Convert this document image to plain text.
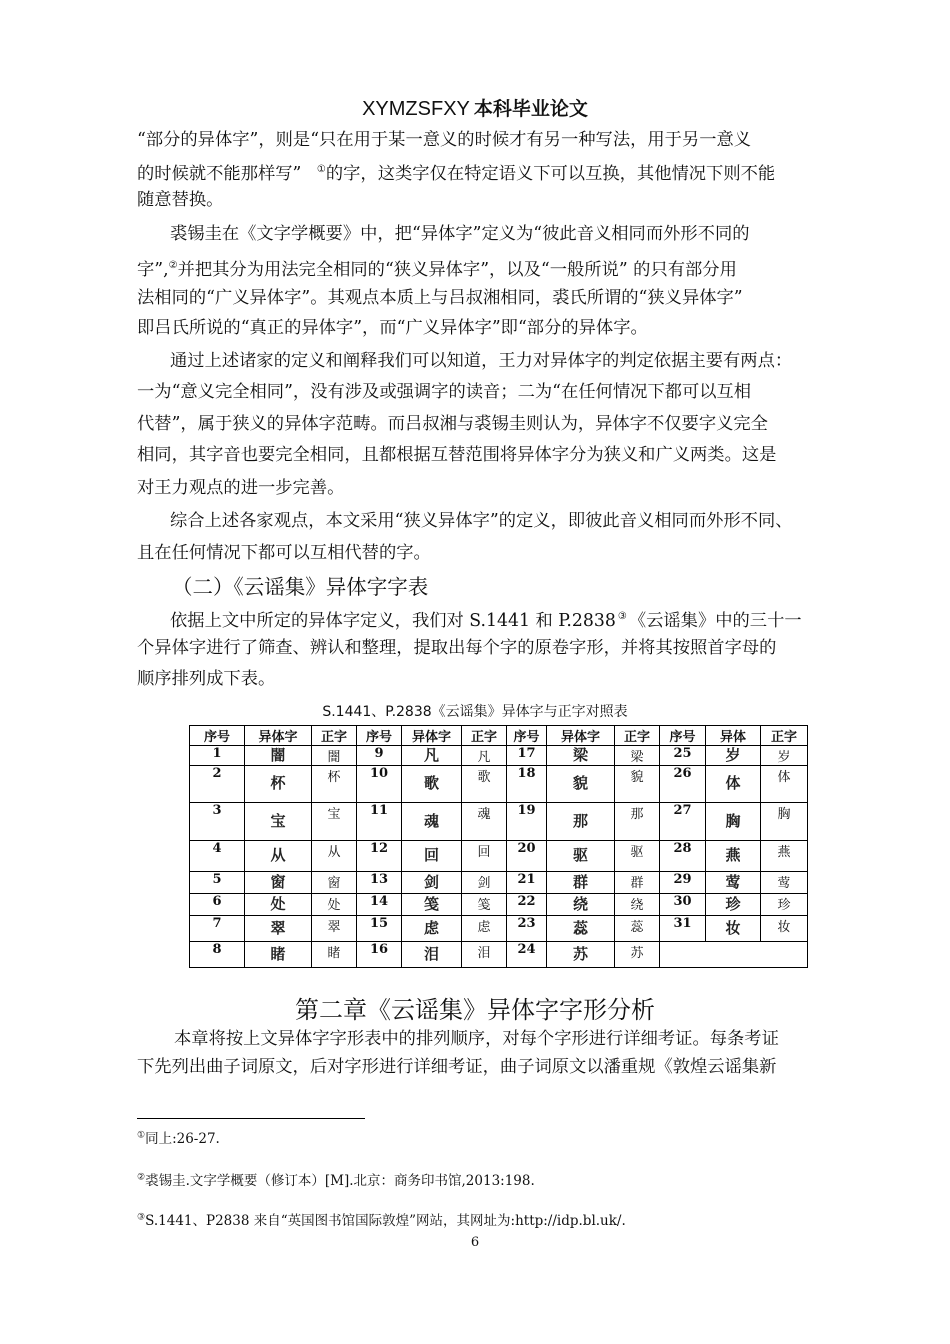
XYMZSFXY 本科毕业论文
“部分的异体字”，则是“只在用于某一意义的时候才有另一种写法，用于另一意义
的时候就不能那样写” ①的字，这类字仅在特定语义下可以互换，其他情况下则不能
随意替换。
裘锡圭在《文字学概要》中，把“异体字”定义为“彼此音义相同而外形不同的
字”,②并把其分为用法完全相同的“狭义异体字”，以及“一般所说” 的只有部分用
法相同的“广义异体字”。其观点本质上与吕叔湘相同，裘氏所谓的“狭义异体字”
即吕氏所说的“真正的异体字”，而“广义异体字”即“部分的异体字。
通过上述诸家的定义和阐释我们可以知道，王力对异体字的判定依据主要有两点：
一为“意义完全相同”，没有涉及或强调字的读音；二为“在任何情况下都可以互相
代替”，属于狭义的异体字范畴。而吕叔湘与裘锡圭则认为，异体字不仅要字义完全
相同，其字音也要完全相同，且都根据互替范围将异体字分为狭义和广义两类。这是
对王力观点的进一步完善。
综合上述各家观点，本文采用“狭义异体字”的定义，即彼此音义相同而外形不同、
且在任何情况下都可以互相代替的字。
（二）《云谣集》异体字字表
依据上文中所定的异体字定义，我们对 S.1441 和 P.2838 ③ 《云谣集》中的三十一
个异体字进行了筛查、辨认和整理，提取出每个字的原卷字形，并将其按照首字母的
顺序排列成下表。
S.1441、P.2838《云谣集》异体字与正字对照表
序号	异体字	正字	序号	异体字	正字	序号	异体字	正字	序号	异体	正字
1	闇	闇	9	凡	凡	17	梁	梁	25	岁	岁
2	杯	杯	10	歌	歌	18	貌	貌	26	体	体
3	宝	宝	11	魂	魂	19	那	那	27	胸	胸
4	从	从	12	回	回	20	驱	驱	28	燕	燕
5	窗	窗	13	剑	剑	21	群	群	29	莺	莺
6	处	处	14	笺	笺	22	绕	绕	30	珍	珍
7	翠	翠	15	虑	虑	23	蕊	蕊	31	妆	妆
8	睹	睹	16	泪	泪	24	苏	苏			
第二章《云谣集》异体字字形分析
本章将按上文异体字字形表中的排列顺序，对每个字形进行详细考证。每条考证
下先列出曲子词原文，后对字形进行详细考证，曲子词原文以潘重规《敦煌云谣集新
①同上:26-27.
②裘锡圭.文字学概要（修订本）[M].北京：商务印书馆,2013:198.
③S.1441、P2838 来自“英国图书馆国际敦煌”网站，其网址为:http://idp.bl.uk/.
6
